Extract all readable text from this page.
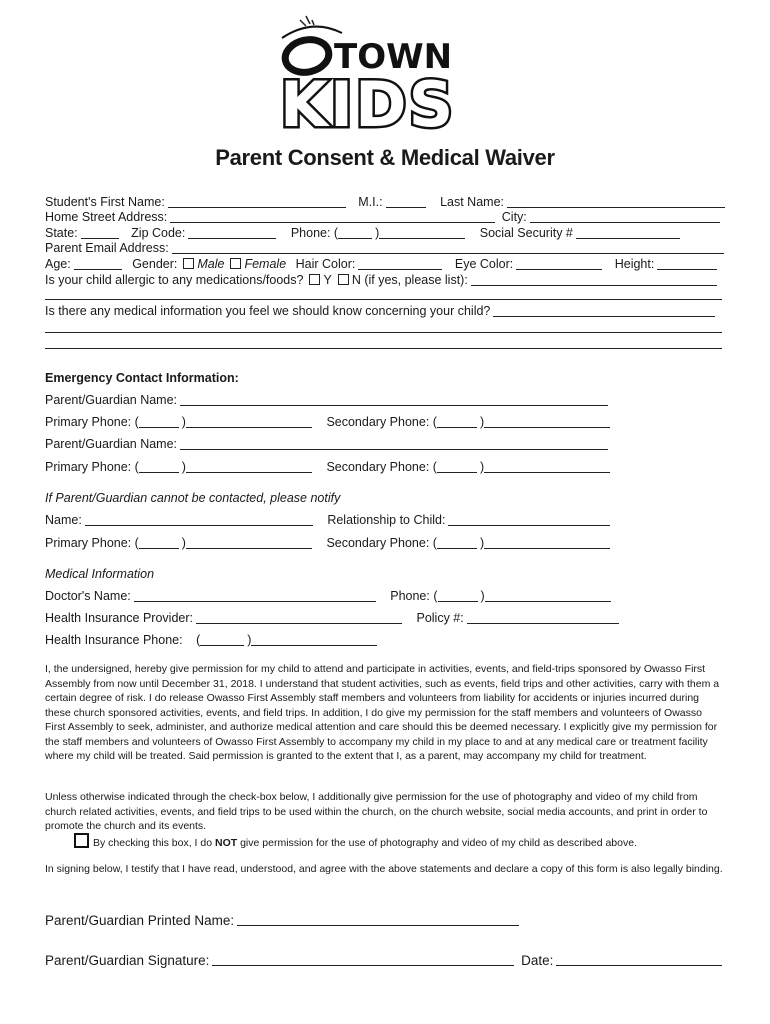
TOWN
KIDS
Parent Consent & Medical Waiver
Student's First Name:	M.I.:	Last Name:
Home Street Address:	City:
State:	Zip Code:	Phone: (	)	Social Security #
Parent Email Address:
Age:	Gender: Male Female Hair Color:	Eye Color:	Height:
Is your child allergic to any medications/foods? Y N (if yes, please list):
Is there any medical information you feel we should know concerning your child?
Emergency Contact Information:
Parent/Guardian Name:
Primary Phone: (	)	Secondary Phone: (	)
Parent/Guardian Name:
Primary Phone: (	)	Secondary Phone: (	)
If Parent/Guardian cannot be contacted, please notify
Name:	Relationship to Child:
Primary Phone: (	)	Secondary Phone: (	)
Medical Information
Doctor's Name:	Phone: (	)
Health Insurance Provider:	Policy #:
Health Insurance Phone: (	)
I, the undersigned, hereby give permission for my child to attend and participate in activities, events, and field-trips sponsored by Owasso First Assembly from now until December 31, 2018. I understand that student activities, such as events, field trips and other activities, carry with them a certain degree of risk. I do release Owasso First Assembly staff members and volunteers from liability for accidents or injuries incurred during these church sponsored activities, events, and field trips. In addition, I do give my permission for the staff members and volunteers of Owasso First Assembly to seek, administer, and authorize medical attention and care should this be deemed necessary. I explicitly give my permission for the staff members and volunteers of Owasso First Assembly to accompany my child in my place to and at any medical care or treatment facility where my child will be treated. Said permission is granted to the extent that I, as a parent, may accompany my child for treatment.
Unless otherwise indicated through the check-box below, I additionally give permission for the use of photography and video of my child from church related activities, events, and field trips to be used within the church, on the church website, social media accounts, and print in order to promote the church and its events.
By checking this box, I do NOT give permission for the use of photography and video of my child as described above.
In signing below, I testify that I have read, understood, and agree with the above statements and declare a copy of this form is also legally binding.
Parent/Guardian Printed Name:
Parent/Guardian Signature:	Date:
